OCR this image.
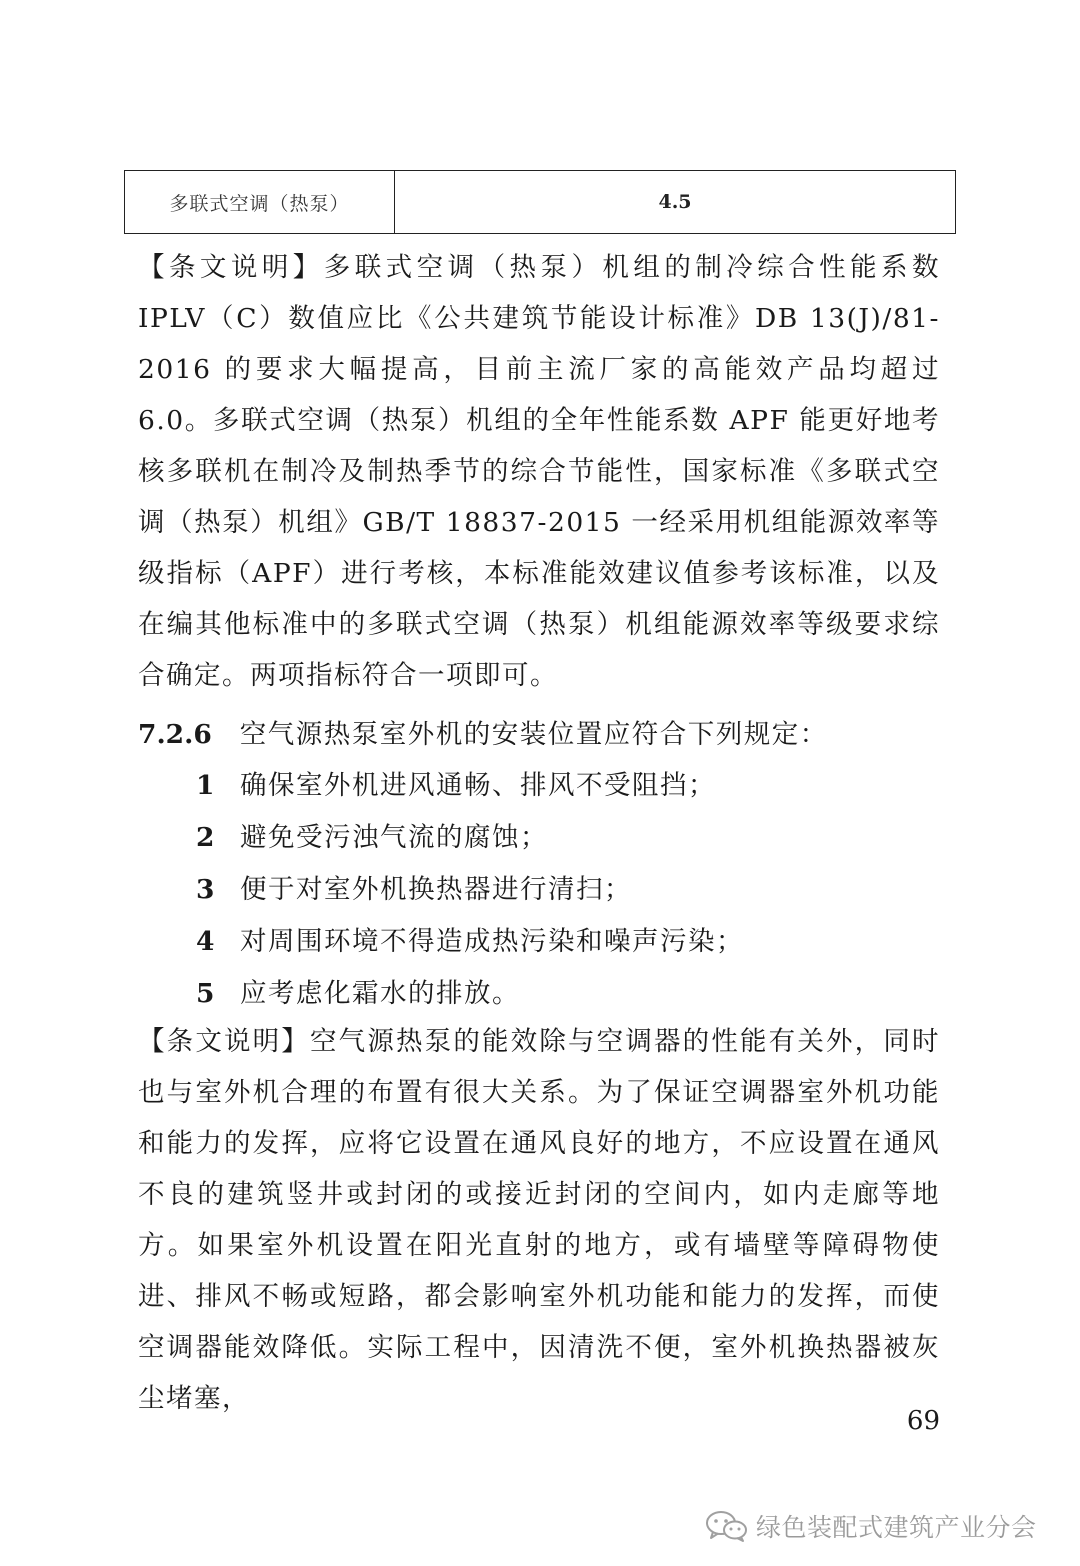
多联式空调（热泵）	4.5
【条文说明】多联式空调（热泵）机组的制冷综合性能系数 IPLV（C）数值应比《公共建筑节能设计标准》DB 13(J)/81-2016 的要求大幅提高，目前主流厂家的高能效产品均超过 6.0。多联式空调（热泵）机组的全年性能系数 APF 能更好地考核多联机在制冷及制热季节的综合节能性，国家标准《多联式空调（热泵）机组》GB/T 18837-2015 一经采用机组能源效率等级指标（APF）进行考核，本标准能效建议值参考该标准，以及在编其他标准中的多联式空调（热泵）机组能源效率等级要求综合确定。两项指标符合一项即可。
7.2.6 空气源热泵室外机的安装位置应符合下列规定：
1 确保室外机进风通畅、排风不受阻挡；
2 避免受污浊气流的腐蚀；
3 便于对室外机换热器进行清扫；
4 对周围环境不得造成热污染和噪声污染；
5 应考虑化霜水的排放。
【条文说明】空气源热泵的能效除与空调器的性能有关外，同时也与室外机合理的布置有很大关系。为了保证空调器室外机功能和能力的发挥，应将它设置在通风良好的地方，不应设置在通风不良的建筑竖井或封闭的或接近封闭的空间内，如内走廊等地方。如果室外机设置在阳光直射的地方，或有墙壁等障碍物使进、排风不畅或短路，都会影响室外机功能和能力的发挥，而使空调器能效降低。实际工程中，因清洗不便，室外机换热器被灰尘堵塞，
69
绿色装配式建筑产业分会
